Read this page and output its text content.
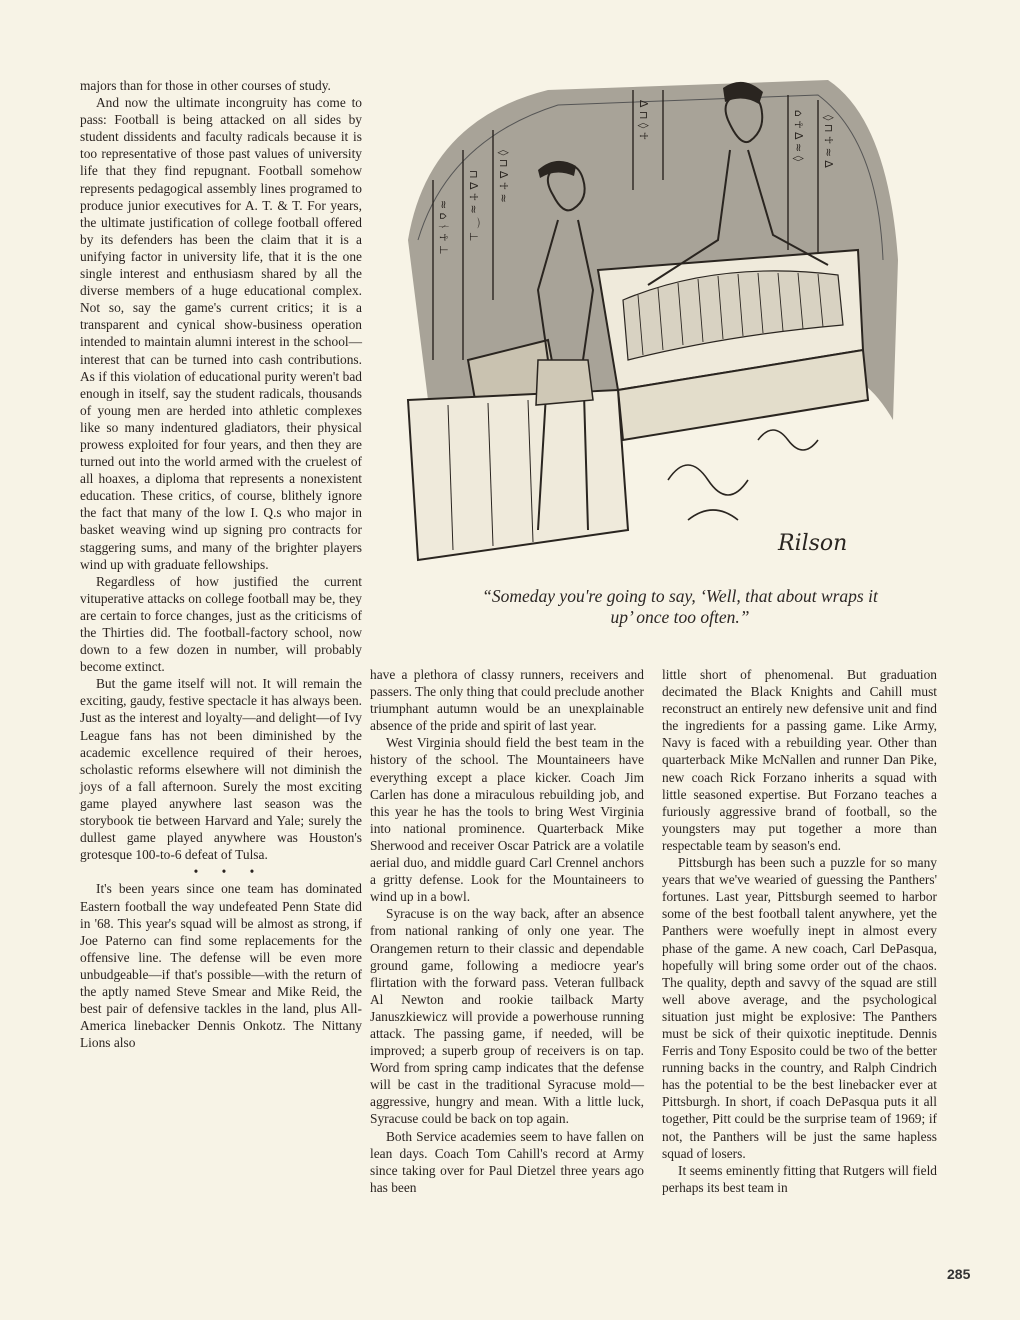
majors than for those in other courses of study.

And now the ultimate incongruity has come to pass: Football is being attacked on all sides by student dissidents and faculty radicals because it is too representative of those past values of university life that they find repugnant. Football somehow represents pedagogical assembly lines programed to produce junior executives for A. T. & T. For years, the ultimate justification of college football offered by its defenders has been the claim that it is a unifying factor in university life, that it is the one single interest and enthusiasm shared by all the diverse members of a huge educational complex. Not so, say the game's current critics; it is a transparent and cynical show-business operation intended to maintain alumni interest in the school—interest that can be turned into cash contributions. As if this violation of educational purity weren't bad enough in itself, say the student radicals, thousands of young men are herded into athletic complexes like so many indentured gladiators, their physical prowess exploited for four years, and then they are turned out into the world armed with the cruelest of all hoaxes, a diploma that represents a nonexistent education. These critics, of course, blithely ignore the fact that many of the low I. Q.s who major in basket weaving wind up signing pro contracts for staggering sums, and many of the brighter players wind up with graduate fellowships.

Regardless of how justified the current vituperative attacks on college football may be, they are certain to force changes, just as the criticisms of the Thirties did. The football-factory school, now down to a few dozen in number, will probably become extinct.

But the game itself will not. It will remain the exciting, gaudy, festive spectacle it has always been. Just as the interest and loyalty—and delight—of Ivy League fans has not been diminished by the academic excellence required of their heroes, scholastic reforms elsewhere will not diminish the joys of a fall afternoon. Surely the most exciting game played anywhere last season was the storybook tie between Harvard and Yale; surely the dullest game played anywhere was Houston's grotesque 100-to-6 defeat of Tulsa.

• • •

It's been years since one team has dominated Eastern football the way undefeated Penn State did in '68. This year's squad will be almost as strong, if Joe Paterno can find some replacements for the offensive line. The defense will be even more unbudgeable—if that's possible—with the return of the aptly named Steve Smear and Mike Reid, the best pair of defensive tackles in the land, plus All-America linebacker Dennis Onkotz. The Nittany Lions also

≈ ⌂ ᚾ ☥ ⊥ ⊓ ∆ ☥ ≈ ⌒ ⊥ ◊ ⊓ ∆ ☥ ≈
∆ ⊓ ◊ ☥	⌂ ☥ ∆ ≈ ◊ ◊ ⊓ ☥ ≈ ∆
Rilson
“Someday you're going to say, ‘Well, that about wraps it up’ once too often.”

have a plethora of classy runners, receivers and passers. The only thing that could preclude another triumphant autumn would be an unexplainable absence of the pride and spirit of last year.

West Virginia should field the best team in the history of the school. The Mountaineers have everything except a place kicker. Coach Jim Carlen has done a miraculous rebuilding job, and this year he has the tools to bring West Virginia into national prominence. Quarterback Mike Sherwood and receiver Oscar Patrick are a volatile aerial duo, and middle guard Carl Crennel anchors a gritty defense. Look for the Mountaineers to wind up in a bowl.

Syracuse is on the way back, after an absence from national ranking of only one year. The Orangemen return to their classic and dependable ground game, following a mediocre year's flirtation with the forward pass. Veteran fullback Al Newton and rookie tailback Marty Januszkiewicz will provide a powerhouse running attack. The passing game, if needed, will be improved; a superb group of receivers is on tap. Word from spring camp indicates that the defense will be cast in the traditional Syracuse mold—aggressive, hungry and mean. With a little luck, Syracuse could be back on top again.

Both Service academies seem to have fallen on lean days. Coach Tom Cahill's record at Army since taking over for Paul Dietzel three years ago has been

little short of phenomenal. But graduation decimated the Black Knights and Cahill must reconstruct an entirely new defensive unit and find the ingredients for a passing game. Like Army, Navy is faced with a rebuilding year. Other than quarterback Mike McNallen and runner Dan Pike, new coach Rick Forzano inherits a squad with little seasoned expertise. But Forzano teaches a furiously aggressive brand of football, so the youngsters may put together a more than respectable team by season's end.

Pittsburgh has been such a puzzle for so many years that we've wearied of guessing the Panthers' fortunes. Last year, Pittsburgh seemed to harbor some of the best football talent anywhere, yet the Panthers were woefully inept in almost every phase of the game. A new coach, Carl DePasqua, hopefully will bring some order out of the chaos. The quality, depth and savvy of the squad are still well above average, and the psychological situation just might be explosive: The Panthers must be sick of their quixotic ineptitude. Dennis Ferris and Tony Esposito could be two of the better running backs in the country, and Ralph Cindrich has the potential to be the best linebacker ever at Pittsburgh. In short, if coach DePasqua puts it all together, Pitt could be the surprise team of 1969; if not, the Panthers will be just the same hapless squad of losers.

It seems eminently fitting that Rutgers will field perhaps its best team in

285
